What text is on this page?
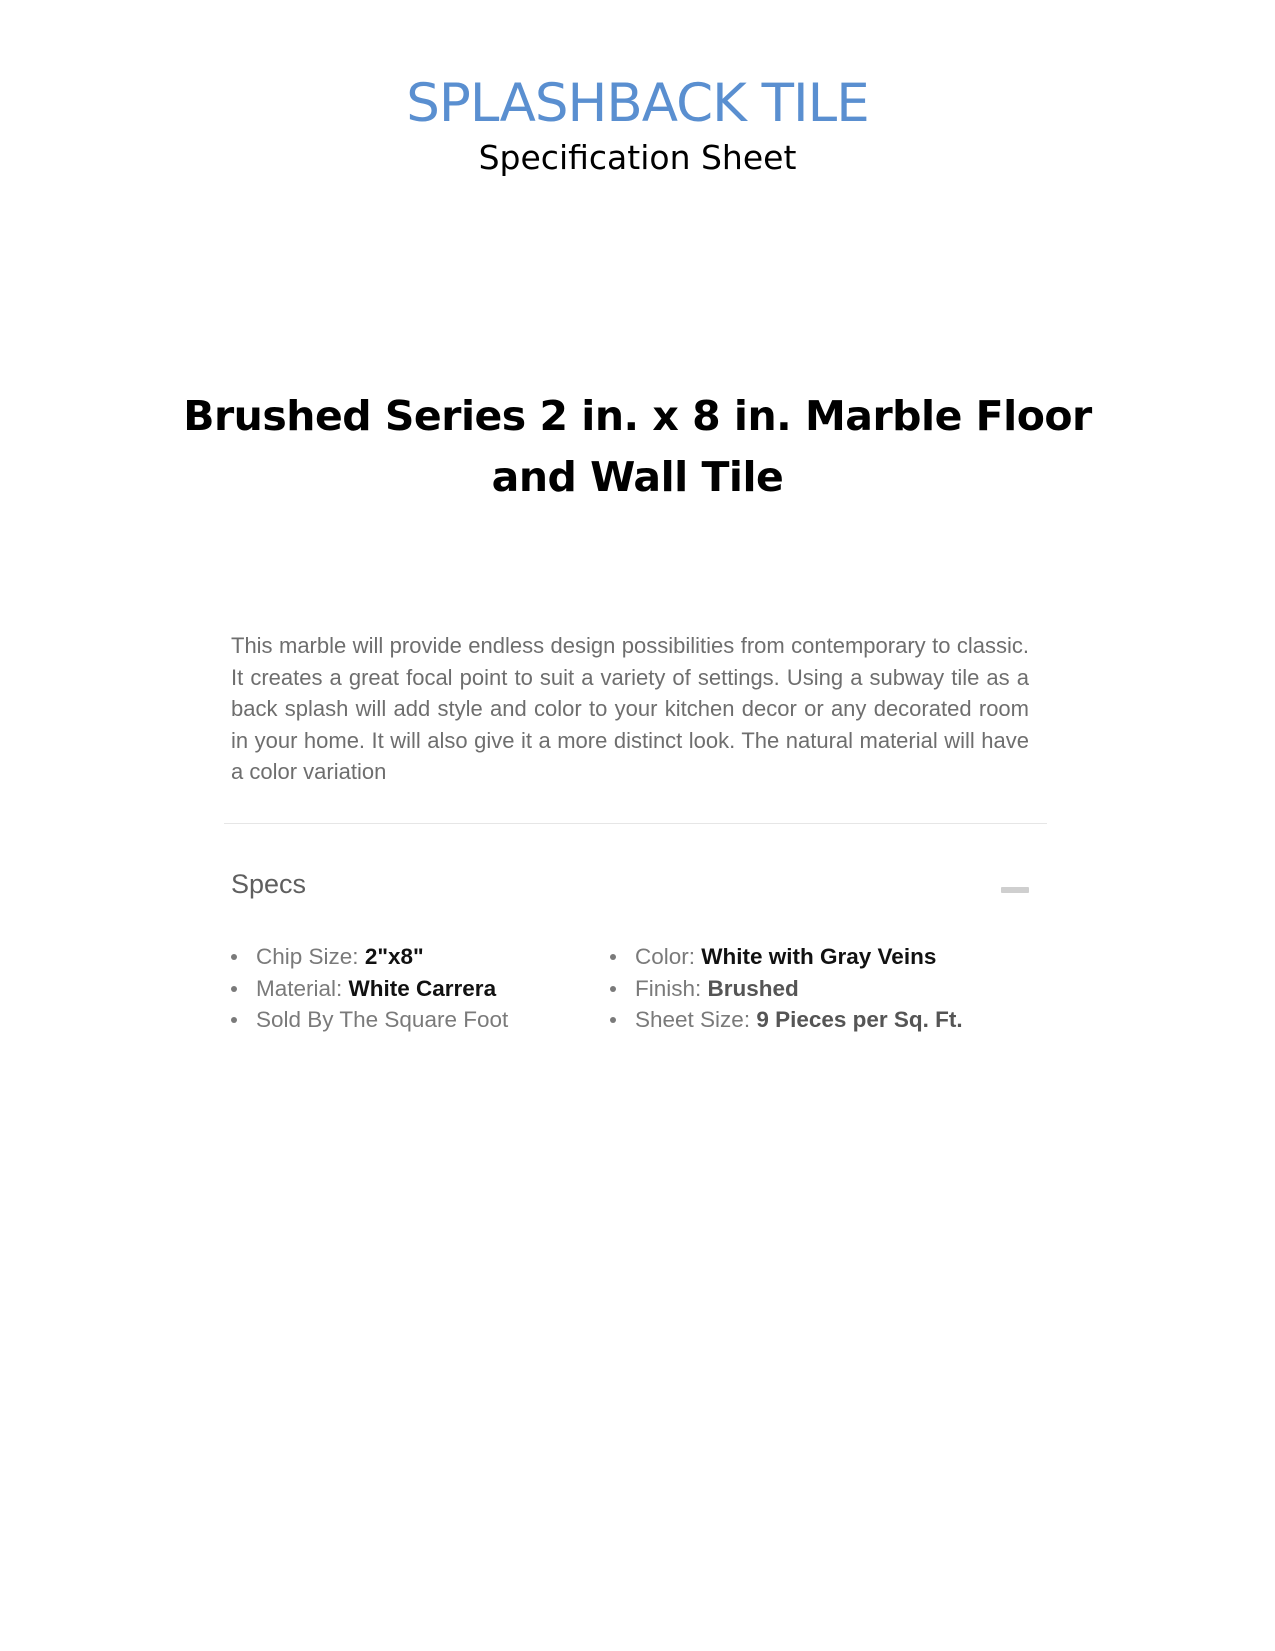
SPLASHBACK TILE
Specification Sheet
Brushed Series 2 in. x 8 in. Marble Floor and Wall Tile

This marble will provide endless design possibilities from contemporary to classic. It creates a great focal point to suit a variety of settings. Using a subway tile as a back splash will add style and color to your kitchen decor or any decorated room in your home. It will also give it a more distinct look. The natural material will have a color variation

Specs
Chip Size: 2"x8"
Material: White Carrera
Sold By The Square Foot
Color: White with Gray Veins
Finish: Brushed
Sheet Size: 9 Pieces per Sq. Ft.
